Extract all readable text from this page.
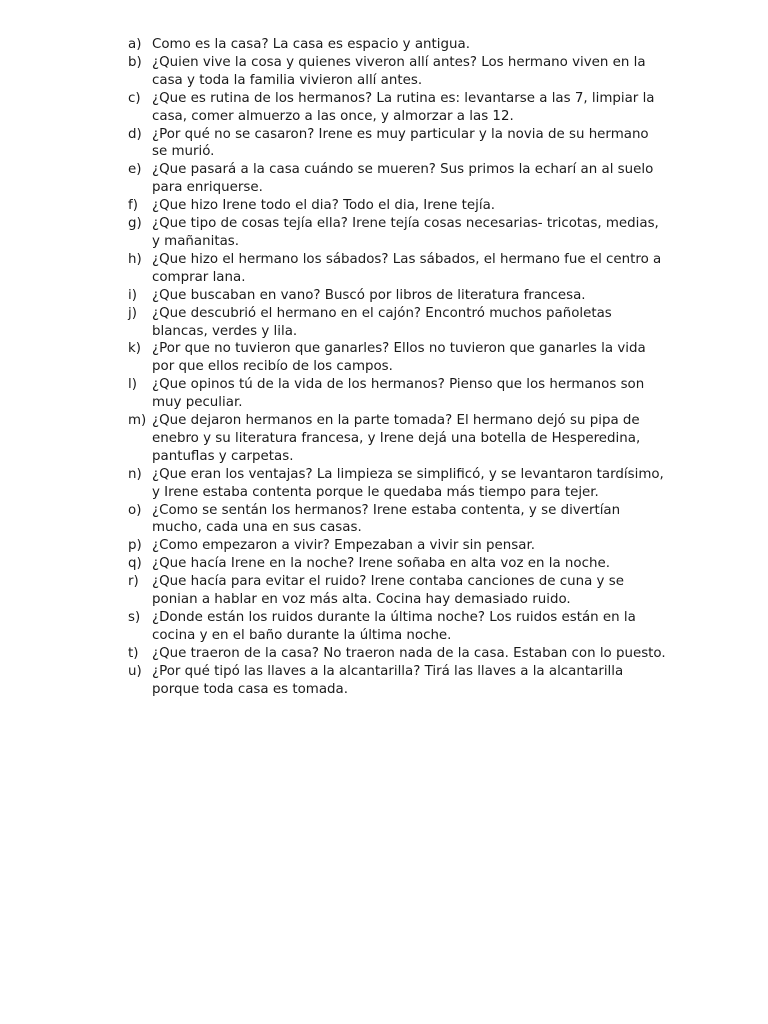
a) Como es la casa? La casa es espacio y antigua.
b) ¿Quien vive la cosa y quienes viveron allí antes? Los hermano viven en la casa y toda la familia vivieron allí antes.
c) ¿Que es rutina de los hermanos? La rutina es: levantarse a las 7, limpiar la casa, comer almuerzo a las once, y almorzar a las 12.
d) ¿Por qué no se casaron? Irene es muy particular y la novia de su hermano se murió.
e) ¿Que pasará a la casa cuándo se mueren? Sus primos la echarí an al suelo para enriquerse.
f)	¿Que hizo Irene todo el dia? Todo el dia, Irene tejía.
g) ¿Que tipo de cosas tejía ella? Irene tejía cosas necesarias- tricotas, medias, y mañanitas.
h) ¿Que hizo el hermano los sábados? Las sábados, el hermano fue el centro a comprar lana.
i)	¿Que buscaban en vano? Buscó por libros de literatura francesa.
j)	¿Que descubrió el hermano en el cajón? Encontró muchos pañoletas blancas, verdes y lila.
k) ¿Por que no tuvieron que ganarles? Ellos no tuvieron que ganarles la vida por que ellos recibío de los campos.
l)	¿Que opinos tú de la vida de los hermanos? Pienso que los hermanos son muy peculiar.
m) ¿Que dejaron hermanos en la parte tomada? El hermano dejó su pipa de enebro y su literatura francesa, y Irene dejá una botella de Hesperedina, pantuflas y carpetas.
n) ¿Que eran los ventajas? La limpieza se simplificó, y se levantaron tardísimo, y Irene estaba contenta porque le quedaba más tiempo para tejer.
o) ¿Como se sentán los hermanos? Irene estaba contenta, y se divertían mucho, cada una en sus casas.
p) ¿Como empezaron a vivir? Empezaban a vivir sin pensar.
q) ¿Que hacía Irene en la noche? Irene soñaba en alta voz en la noche.
r) ¿Que hacía para evitar el ruido? Irene contaba canciones de cuna y se ponian a hablar en voz más alta. Cocina hay demasiado ruido.
s) ¿Donde están los ruidos durante la última noche? Los ruidos están en la cocina y en el baño durante la última noche.
t)	¿Que traeron de la casa? No traeron nada de la casa. Estaban con lo puesto.
u) ¿Por qué tipó las llaves a la alcantarilla? Tirá las llaves a la alcantarilla porque toda casa es tomada.
